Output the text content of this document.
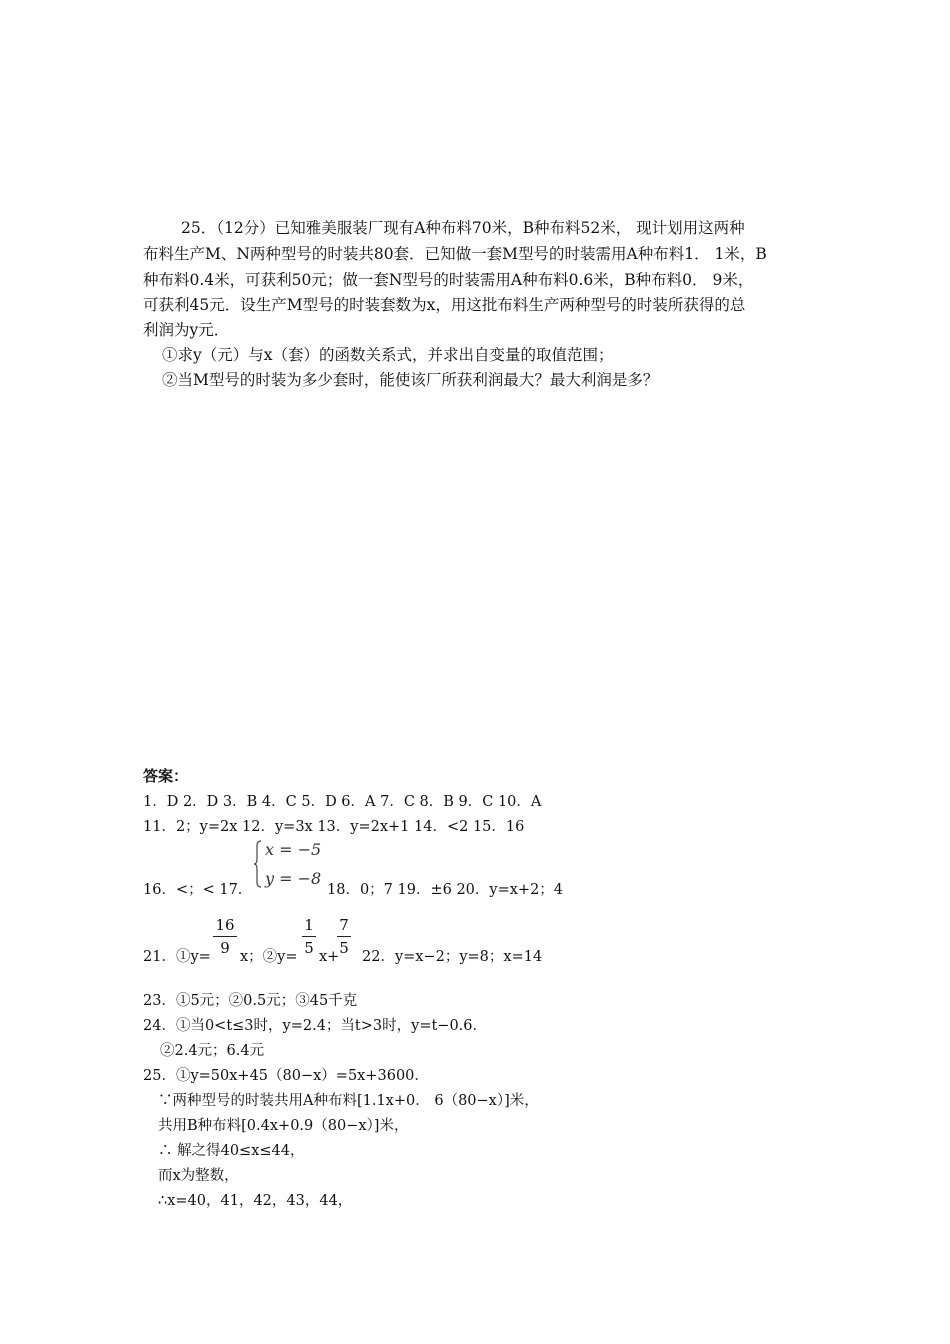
25．（12分）已知雅美服装厂现有A种布料70米，B种布料52米， 现计划用这两种
布料生产M、N两种型号的时装共80套．已知做一套M型号的时装需用A种布料1． 1米，B
种布料0.4米，可获利50元；做一套N型号的时装需用A种布料0.6米，B种布料0． 9米，
可获利45元．设生产M型号的时装套数为x，用这批布料生产两种型号的时装所获得的总
利润为y元．
①求y（元）与x（套）的函数关系式，并求出自变量的取值范围；
②当M型号的时装为多少套时，能使该厂所获利润最大？最大利润是多？
答案：
1．D 2．D 3．B 4．C 5．D 6．A 7．C 8．B 9．C 10．A
11．2；y=2x 12．y=3x 13．y=2x+1 14．<2 15．16
x = −5
y = −8
16．<；< 17．	18．0；7 19．±6 20．y=x+2；4
21．①y= $\frac{16}{9}$ x；②y= $\frac{1}{5} x+$
$\frac{7}{5} 22$．y=x−2；y=8；x=14
23．①5元；②0.5元；③45千克
24．①当0<t≤3时，y=2.4；当t>3时，y=t−0.6．
②2.4元；6.4元
25．①y=50x+45（80−x）=5x+3600．
∵两种型号的时装共用A种布料[1.1x+0． 6（80−x）]米，
共用B种布料[0.4x+0.9（80−x）]米，
∴ 解之得40≤x≤44，
而x为整数，
∴x=40，41，42，43，44，
